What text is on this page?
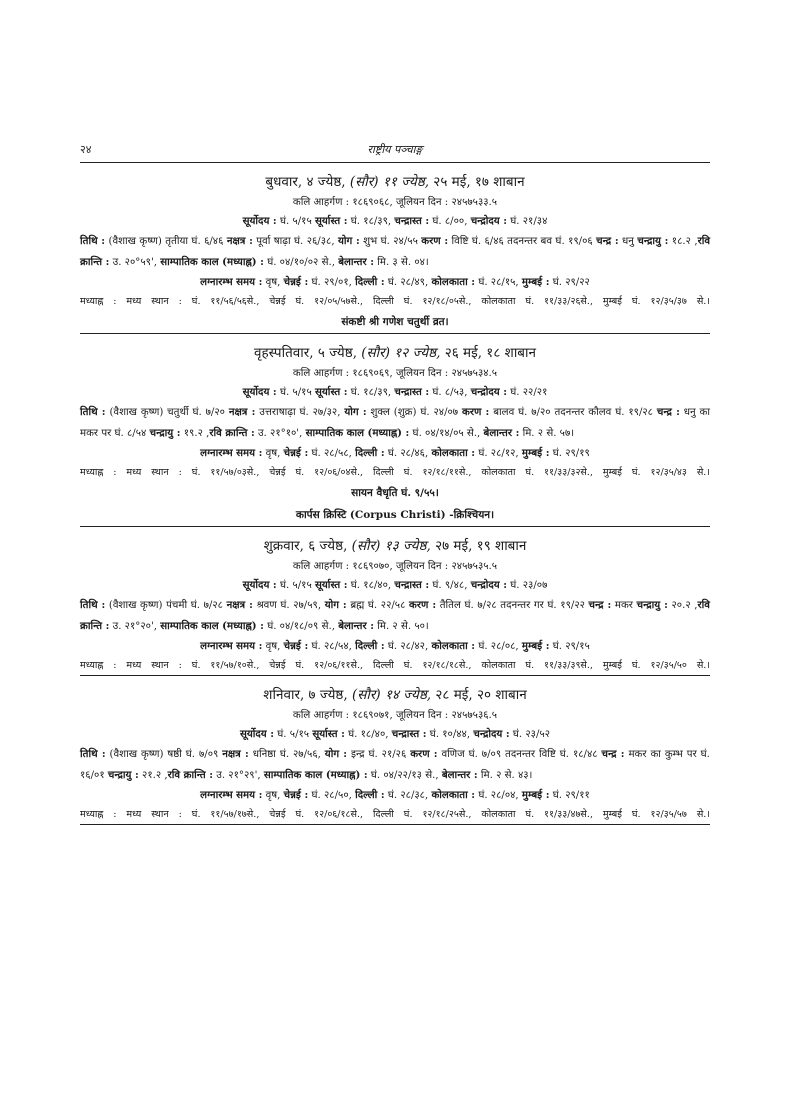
२४	राष्ट्रीय पञ्चाङ्ग
बुधवार, ४ ज्येष्ठ, (सौर) ११ ज्येष्ठ, २५ मई, १७ शाबान
कलि आहर्गण : १८६९०६८, जूलियन दिन : २४५७५३३.५
सूर्योदय : घं. ५/१५ सूर्यास्त : घं. १८/३९, चन्द्रास्त : घं. ८/००, चन्द्रोदय : घं. २१/३४
तिथि : (वैशाख कृष्ण) तृतीया घं. ६/४६ नक्षत्र : पूर्वा षाढ़ा घं. २६/३८, योग : शुभ घं. २४/५५ करण : विष्टि घं. ६/४६ तदनन्तर बव घं. १९/०६ चन्द्र : धनु चन्द्रायु : १८.२ ,रवि क्रान्ति : उ. २०°५९', साम्पातिक काल (मध्याह्न) : घं. ०४/१०/०२ से., बेलान्तर : मि. ३ से. ०४।
लग्नारम्भ समय : वृष, चेन्नई : घं. २९/०१, दिल्ली : घं. २८/४९, कोलकाता : घं. २८/१५, मुम्बई : घं. २९/२२
मध्याह्न : मध्य स्थान : घं. ११/५६/५६से., चेन्नई घं. १२/०५/५७से., दिल्ली घं. १२/१८/०५से., कोलकाता घं. ११/३३/२६से., मुम्बई घं. १२/३५/३७ से.।
संकष्टी श्री गणेश चतुर्थी व्रत।
वृहस्पतिवार, ५ ज्येष्ठ, (सौर) १२ ज्येष्ठ, २६ मई, १८ शाबान
कलि आहर्गण : १८६९०६९, जूलियन दिन : २४५७५३४.५
सूर्योदय : घं. ५/१५ सूर्यास्त : घं. १८/३९, चन्द्रास्त : घं. ८/५३, चन्द्रोदय : घं. २२/२१
तिथि : (वैशाख कृष्ण) चतुर्थी घं. ७/२० नक्षत्र : उत्तराषाढ़ा घं. २७/३२, योग : शुक्ल (शुक्र) घं. २४/०७ करण : बालव घं. ७/२० तदनन्तर कौलव घं. १९/२८ चन्द्र : धनु का मकर पर घं. ८/५४ चन्द्रायु : १९.२ ,रवि क्रान्ति : उ. २१°१०', साम्पातिक काल (मध्याह्न) : घं. ०४/१४/०५ से., बेलान्तर : मि. २ से. ५७।
लग्नारम्भ समय : वृष, चेन्नई : घं. २८/५८, दिल्ली : घं. २८/४६, कोलकाता : घं. २८/१२, मुम्बई : घं. २९/१९
मध्याह्न : मध्य स्थान : घं. ११/५७/०३से., चेन्नई घं. १२/०६/०४से., दिल्ली घं. १२/१८/११से., कोलकाता घं. ११/३३/३२से., मुम्बई घं. १२/३५/४३ से.।
सायन वैधृति घं. ९/५५।
कार्पस क्रिस्टि (Corpus Christi) -क्रिश्चियन।
शुक्रवार, ६ ज्येष्ठ, (सौर) १३ ज्येष्ठ, २७ मई, १९ शाबान
कलि आहर्गण : १८६९०७०, जूलियन दिन : २४५७५३५.५
सूर्योदय : घं. ५/१५ सूर्यास्त : घं. १८/४०, चन्द्रास्त : घं. ९/४८, चन्द्रोदय : घं. २३/०७
तिथि : (वैशाख कृष्ण) पंचमी घं. ७/२८ नक्षत्र : श्रवण घं. २७/५९, योग : ब्रह्म घं. २२/५८ करण : तैतिल घं. ७/२८ तदनन्तर गर घं. १९/२२ चन्द्र : मकर चन्द्रायु : २०.२ ,रवि क्रान्ति : उ. २१°२०', साम्पातिक काल (मध्याह्न) : घं. ०४/१८/०९ से., बेलान्तर : मि. २ से. ५०।
लग्नारम्भ समय : वृष, चेन्नई : घं. २८/५४, दिल्ली : घं. २८/४२, कोलकाता : घं. २८/०८, मुम्बई : घं. २९/१५
मध्याह्न : मध्य स्थान : घं. ११/५७/१०से., चेन्नई घं. १२/०६/११से., दिल्ली घं. १२/१८/१८से., कोलकाता घं. ११/३३/३९से., मुम्बई घं. १२/३५/५० से.।
शनिवार, ७ ज्येष्ठ, (सौर) १४ ज्येष्ठ, २८ मई, २० शाबान
कलि आहर्गण : १८६९०७१, जूलियन दिन : २४५७५३६.५
सूर्योदय : घं. ५/१५ सूर्यास्त : घं. १८/४०, चन्द्रास्त : घं. १०/४४, चन्द्रोदय : घं. २३/५२
तिथि : (वैशाख कृष्ण) षष्ठी घं. ७/०९ नक्षत्र : धनिष्ठा घं. २७/५६, योग : इन्द्र घं. २१/२६ करण : वणिज घं. ७/०९ तदनन्तर विष्टि घं. १८/४८ चन्द्र : मकर का कुम्भ पर घं. १६/०१ चन्द्रायु : २१.२ ,रवि क्रान्ति : उ. २१°२९', साम्पातिक काल (मध्याह्न) : घं. ०४/२२/१३ से., बेलान्तर : मि. २ से. ४३।
लग्नारम्भ समय : वृष, चेन्नई : घं. २८/५०, दिल्ली : घं. २८/३८, कोलकाता : घं. २८/०४, मुम्बई : घं. २९/११
मध्याह्न : मध्य स्थान : घं. ११/५७/१७से., चेन्नई घं. १२/०६/१८से., दिल्ली घं. १२/१८/२५से., कोलकाता घं. ११/३३/४७से., मुम्बई घं. १२/३५/५७ से.।
